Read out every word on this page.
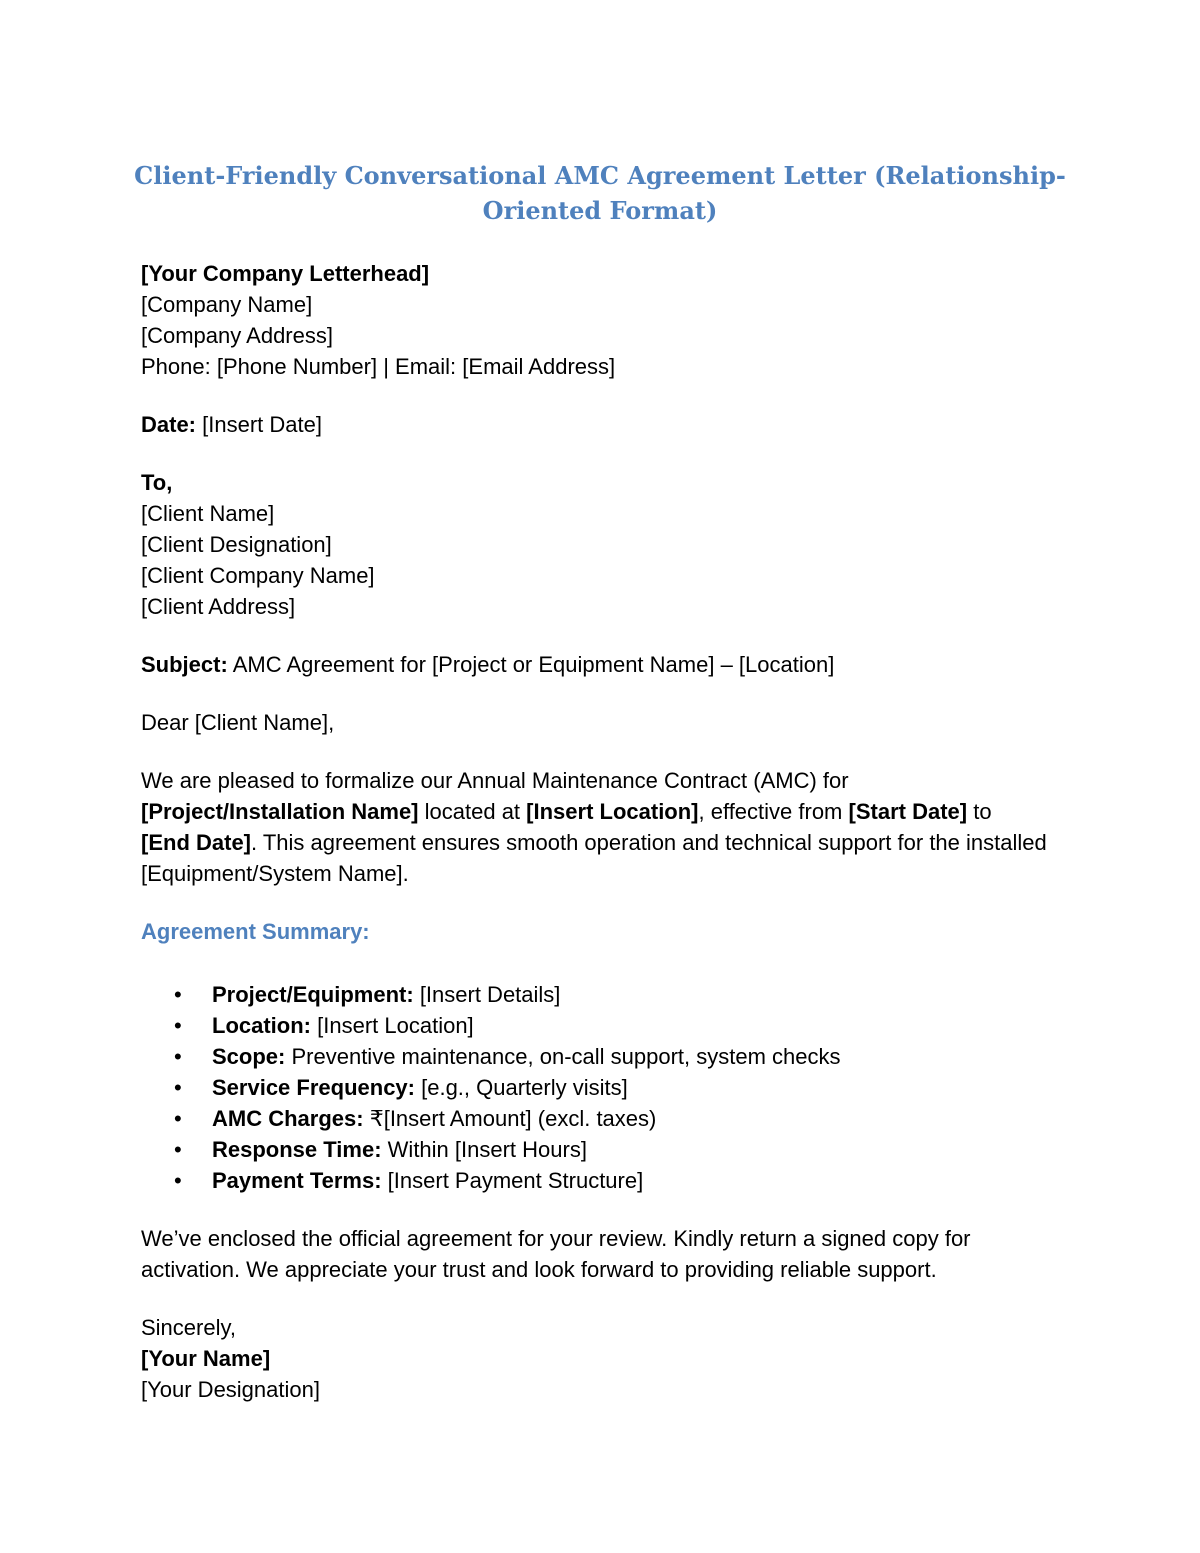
Client-Friendly Conversational AMC Agreement Letter (Relationship-Oriented Format)

[Your Company Letterhead]

[Company Name]

[Company Address]

Phone: [Phone Number] | Email: [Email Address]

Date: [Insert Date]

To,

[Client Name]

[Client Designation]

[Client Company Name]

[Client Address]

Subject: AMC Agreement for [Project or Equipment Name] – [Location]

Dear [Client Name],

We are pleased to formalize our Annual Maintenance Contract (AMC) for
[Project/Installation Name] located at [Insert Location], effective from [Start Date] to
[End Date]. This agreement ensures smooth operation and technical support for the installed [Equipment/System Name].

Agreement Summary:

• Project/Equipment: [Insert Details]
• Location: [Insert Location]
• Scope: Preventive maintenance, on-call support, system checks
• Service Frequency: [e.g., Quarterly visits]
• AMC Charges: ₹[Insert Amount] (excl. taxes)
• Response Time: Within [Insert Hours]
• Payment Terms: [Insert Payment Structure]

We’ve enclosed the official agreement for your review. Kindly return a signed copy for activation. We appreciate your trust and look forward to providing reliable support.

Sincerely,

[Your Name]

[Your Designation]
